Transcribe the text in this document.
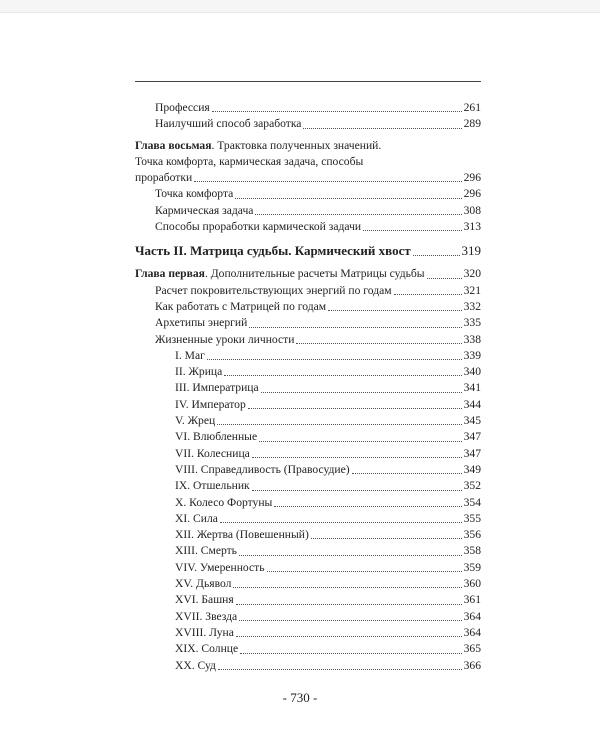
Профессия	261
Наилучший способ заработка	289
Глава восьмая. Трактовка полученных значений.
Точка комфорта, кармическая задача, способы
проработки	296
Точка комфорта	296
Кармическая задача	308
Способы проработки кармической задачи	313
Часть II. Матрица судьбы. Кармический хвост	319
Глава первая. Дополнительные расчеты Матрицы судьбы	320
Расчет покровительствующих энергий по годам	321
Как работать с Матрицей по годам	332
Архетипы энергий	335
Жизненные уроки личности	338
I. Маг	339
II. Жрица	340
III. Императрица	341
IV. Император	344
V. Жрец	345
VI. Влюбленные	347
VII. Колесница	347
VIII. Справедливость (Правосудие)	349
IX. Отшельник	352
X. Колесо Фортуны	354
XI. Сила	355
XII. Жертва (Повешенный)	356
XIII. Смерть	358
VIV. Умеренность	359
XV. Дьявол	360
XVI. Башня	361
XVII. Звезда	364
XVIII. Луна	364
XIX. Солнце	365
XX. Суд	366
- 730 -
